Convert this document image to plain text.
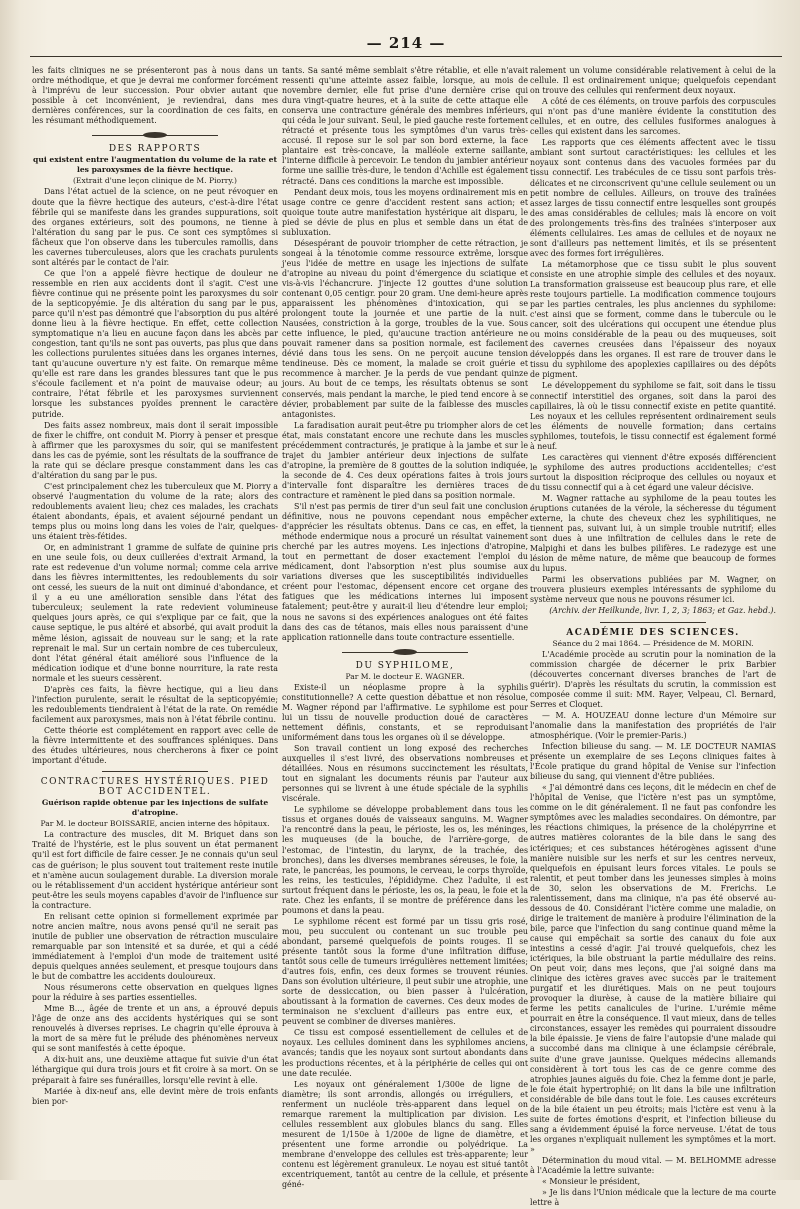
— 214 —

les faits cliniques ne se présenteront pas à nous dans un ordre méthodique, et que je devrai me conformer forcément à l'imprévu de leur succession. Pour obvier autant que possible à cet inconvénient, je reviendrai, dans mes dernières conférences, sur la coordination de ces faits, en les résumant méthodiquement.

DES RAPPORTS

qui existent entre l'augmentation du volume de la rate et les paroxysmes de la fièvre hectique.

(Extrait d'une leçon clinique de M. Piorry.)

Dans l'état actuel de la science, on ne peut révoquer en doute que la fièvre hectique des auteurs, c'est-à-dire l'état fébrile qui se manifeste dans les grandes suppurations, soit des organes extérieurs, soit des poumons, ne tienne à l'altération du sang par le pus. Ce sont ces symptômes si fâcheux que l'on observe dans les tubercules ramollis, dans les cavernes tuberculeuses, alors que les crachats purulents sont altérés par le contact de l'air.

Ce que l'on a appelé fièvre hectique de douleur ne ressemble en rien aux accidents dont il s'agit. C'est une fièvre continue qui ne présente point les paroxysmes du soir de la septicopyémie. Je dis altération du sang par le pus, parce qu'il n'est pas démontré que l'absorption du pus altéré donne lieu à la fièvre hectique. En effet, cette collection symptomatique n'a lieu en aucune façon dans les abcès par congestion, tant qu'ils ne sont pas ouverts, pas plus que dans les collections purulentes situées dans les organes internes, tant qu'aucune ouverture n'y est faite. On remarque même qu'elle est rare dans les grandes blessures tant que le pus s'écoule facilement et n'a point de mauvaise odeur; au contraire, l'état fébrile et les paroxysmes surviennent lorsque les substances pyoïdes prennent le caractère putride.

Des faits assez nombreux, mais dont il serait impossible de fixer le chiffre, ont conduit M. Piorry à penser et presque à affirmer que les paroxysmes du soir, qui se manifestent dans les cas de pyémie, sont les résultats de la souffrance de la rate qui se déclare presque constamment dans les cas d'altération du sang par le pus.

C'est principalement chez les tuberculeux que M. Piorry a observé l'augmentation du volume de la rate; alors des redoublements avaient lieu; chez ces malades, les crachats étaient abondants, épais, et avaient séjourné pendant un temps plus ou moins long dans les voies de l'air, quelques-uns étaient très-fétides.

Or, en administrant 1 gramme de sulfate de quinine pris en une seule fois, ou deux cuillerées d'extrait Armand, la rate est redevenue d'un volume normal; comme cela arrive dans les fièvres intermittentes, les redoublements du soir ont cessé, les sueurs de la nuit ont diminué d'abondance, et il y a eu une amélioration sensible dans l'état des tuberculeux; seulement la rate redevient volumineuse quelques jours après, ce qui s'explique par ce fait, que la cause septique, le pus altéré et absorbé, qui avait produit la même lésion, agissait de nouveau sur le sang; et la rate reprenait le mal. Sur un certain nombre de ces tuberculeux, dont l'état général était amélioré sous l'influence de la médication iodique et d'une bonne nourriture, la rate resta normale et les sueurs cessèrent.

D'après ces faits, la fièvre hectique, qui a lieu dans l'infection purulente, serait le résultat de la septicopyémie; les redoublements tiendraient à l'état de la rate. On remédie facilement aux paroxysmes, mais non à l'état fébrile continu.

Cette théorie est complétement en rapport avec celle de la fièvre intermittente et des souffrances spléniques. Dans des études ultérieures, nous chercherons à fixer ce point important d'étude.

CONTRACTURES HYSTÉRIQUES. PIED BOT ACCIDENTEL.

Guérison rapide obtenue par les injections de sulfate d'atropine.

Par M. le docteur BOISSARIE, ancien interne des hôpitaux.

La contracture des muscles, dit M. Briquet dans son Traité de l'hystérie, est le plus souvent un état permanent qu'il est fort difficile de faire cesser. Je ne connais qu'un seul cas de guérison; le plus souvent tout traitement reste inutile et n'amène aucun soulagement durable. La diversion morale ou le rétablissement d'un accident hystérique antérieur sont peut-être les seuls moyens capables d'avoir de l'influence sur la contracture.

En relisant cette opinion si formellement exprimée par notre ancien maître, nous avons pensé qu'il ne serait pas inutile de publier une observation de rétraction musculaire remarquable par son intensité et sa durée, et qui a cédé immédiatement à l'emploi d'un mode de traitement usité depuis quelques années seulement, et presque toujours dans le but de combattre les accidents douloureux.

Nous résumerons cette observation en quelques lignes pour la réduire à ses parties essentielles.

Mme B..., âgée de trente et un ans, a éprouvé depuis l'âge de onze ans des accidents hystériques qui se sont renouvelés à diverses reprises. Le chagrin qu'elle éprouva à la mort de sa mère fut le prélude des phénomènes nerveux qui se sont manifestés à cette époque.

A dix-huit ans, une deuxième attaque fut suivie d'un état léthargique qui dura trois jours et fit croire à sa mort. On se préparait à faire ses funérailles, lorsqu'elle revint à elle.

Mariée à dix-neuf ans, elle devint mère de trois enfants bien por-

tants. Sa santé même semblait s'être rétablie, et elle n'avait ressenti qu'une atteinte assez faible, lorsque, au mois de novembre dernier, elle fut prise d'une dernière crise qui dura vingt-quatre heures, et à la suite de cette attaque elle conserva une contracture générale des membres inférieurs, qui céda le jour suivant. Seul, le pied gauche reste fortement rétracté et présente tous les symptômes d'un varus très-accusé. Il repose sur le sol par son bord externe, la face plantaire est très-concave, la malléole externe saillante, l'interne difficile à percevoir. Le tendon du jambier antérieur forme une saillie très-dure, le tendon d'Achille est également rétracté. Dans ces conditions la marche est impossible.

Pendant deux mois, tous les moyens ordinairement mis en usage contre ce genre d'accident restent sans action; et quoique toute autre manifestation hystérique ait disparu, le pied se dévie de plus en plus et semble dans un état de subluxation.

Désespérant de pouvoir triompher de cette rétraction, je songeai à la ténotomie comme ressource extrême, lorsque j'eus l'idée de mettre en usage les injections de sulfate d'atropine au niveau du point d'émergence du sciatique et vis-à-vis l'échancrure. J'injecte 12 gouttes d'une solution contenant 0,05 centigr. pour 20 gram. Une demi-heure après apparaissent les phénomènes d'intoxication, qui se prolongent toute la journée et une partie de la nuit. Nausées, constriction à la gorge, troubles de la vue. Sous cette influence, le pied, qu'aucune traction antérieure ne pouvait ramener dans sa position normale, est facilement dévié dans tous les sens. On ne perçoit aucune tension tendineuse. Dès ce moment, la malade se croit guérie et recommence à marcher. Je la perds de vue pendant quinze jours. Au bout de ce temps, les résultats obtenus se sont conservés, mais pendant la marche, le pied tend encore à se dévier, probablement par suite de la faiblesse des muscles antagonistes.

La faradisation aurait peut-être pu triompher alors de cet état, mais constatant encore une rechute dans les muscles précédemment contracturés, je pratique à la jambe et sur le trajet du jambier antérieur deux injections de sulfate d'atropine, la première de 8 gouttes de la solution indiquée, la seconde de 4. Ces deux opérations faites à trois jours d'intervalle font disparaître les dernières traces de contracture et ramènent le pied dans sa position normale.

S'il n'est pas permis de tirer d'un seul fait une conclusion définitive, nous ne pouvons cependant nous empêcher d'apprécier les résultats obtenus. Dans ce cas, en effet, la méthode endermique nous a procuré un résultat vainement cherché par les autres moyens. Les injections d'atropine, tout en permettant de doser exactement l'emploi du médicament, dont l'absorption n'est plus soumise aux variations diverses que les susceptibilités individuelles créent pour l'estomac, dépensent encore cet organe des fatigues que les médications internes lui imposent fatalement; peut-être y aurait-il lieu d'étendre leur emploi; nous ne savons si des expériences analogues ont été faites dans des cas de tétanos, mais elles nous paraissent d'une application rationnelle dans toute contracture essentielle.

DU SYPHILOME,

Par M. le docteur E. WAGNER.

Existe-il un néoplasme propre à la syphilis constitutionnelle? A cette question débattue et non résolue, M. Wagner répond par l'affirmative. Le syphilome est pour lui un tissu de nouvelle production doué de caractères nettement définis, constants, et se reproduisant uniformément dans tous les organes où il se développe.

Son travail contient un long exposé des recherches auxquelles il s'est livré, des observations nombreuses et détaillées. Nous en résumons succinctement les résultats, tout en signalant les documents réunis par l'auteur aux personnes qui se livrent à une étude spéciale de la syphilis viscérale.

Le syphilome se développe probablement dans tous les tissus et organes doués de vaisseaux sanguins. M. Wagner l'a rencontré dans la peau, le périoste, les os, les méninges, les muqueuses (de la bouche, de l'arrière-gorge, de l'estomac, de l'intestin, du larynx, de la trachée, des bronches), dans les diverses membranes séreuses, le foie, la rate, le pancréas, les poumons, le cerveau, le corps thyroïde, les reins, les testicules, l'épididyme. Chez l'adulte, il est surtout fréquent dans le périoste, les os, la peau, le foie et la rate. Chez les enfants, il se montre de préférence dans les poumons et dans la peau.

Le syphilome récent est formé par un tissu gris rosé, mou, peu succulent ou contenant un suc trouble peu abondant, parsemé quelquefois de points rouges. Il se présente tantôt sous la forme d'une infiltration diffuse, tantôt sous celle de tumeurs irrégulières nettement limitées; d'autres fois, enfin, ces deux formes se trouvent réunies. Dans son évolution ultérieure, il peut subir une atrophie, une sorte de dessiccation, ou bien passer à l'ulcération, aboutissant à la formation de cavernes. Ces deux modes de terminaison ne s'excluent d'ailleurs pas entre eux, et peuvent se combiner de diverses manières.

Ce tissu est composé essentiellement de cellules et de noyaux. Les cellules dominent dans les syphilomes anciens, avancés; tandis que les noyaux sont surtout abondants dans les productions récentes, et à la périphérie de celles qui ont une date reculée.

Les noyaux ont généralement 1/300e de ligne de diamètre; ils sont arrondis, allongés ou irréguliers, et renferment un nucléole très-apparent dans lequel on remarque rarement la multiplication par division. Les cellules ressemblent aux globules blancs du sang. Elles mesurent de 1/150e à 1/200e de ligne de diamètre, et présentent une forme arrondie ou polyédrique. La membrane d'enveloppe des cellules est très-apparente; leur contenu est légèrement granuleux. Le noyau est situé tantôt excentriquement, tantôt au centre de la cellule, et présente géné-

ralement un volume considérable relativement à celui de la cellule. Il est ordinairement unique; quelquefois cependant on trouve des cellules qui renferment deux noyaux.

A côté de ces éléments, on trouve parfois des corpuscules qui n'ont pas d'une manière évidente la constitution des cellules, et en outre, des cellules fusiformes analogues à celles qui existent dans les sarcomes.

Les rapports que ces éléments affectent avec le tissu ambiant sont surtout caractéristiques: les cellules et les noyaux sont contenus dans des vacuoles formées par du tissu connectif. Les trabécules de ce tissu sont parfois très-délicates et ne circonscrivent qu'une cellule seulement ou un petit nombre de cellules. Ailleurs, on trouve des traînées assez larges de tissu connectif entre lesquelles sont groupés des amas considérables de cellules; mais là encore on voit des prolongements très-fins des traînées s'interposer aux éléments cellulaires. Les amas de cellules et de noyaux ne sont d'ailleurs pas nettement limités, et ils se présentent avec des formes fort irrégulières.

La métamorphose que ce tissu subit le plus souvent consiste en une atrophie simple des cellules et des noyaux. La transformation graisseuse est beaucoup plus rare, et elle reste toujours partielle. La modification commence toujours par les parties centrales, les plus anciennes du syphilome: c'est ainsi que se forment, comme dans le tubercule ou le cancer, soit des ulcérations qui occupent une étendue plus ou moins considérable de la peau ou des muqueuses, soit des cavernes creusées dans l'épaisseur des noyaux développés dans les organes. Il est rare de trouver dans le tissu du syphilome des apoplexies capillaires ou des dépôts de pigment.

Le développement du syphilome se fait, soit dans le tissu connectif interstitiel des organes, soit dans la paroi des capillaires, là où le tissu connectif existe en petite quantité. Les noyaux et les cellules représentent ordinairement seuls les éléments de nouvelle formation; dans certains syphilomes, toutefois, le tissu connectif est également formé à neuf.

Les caractères qui viennent d'être exposés différencient le syphilome des autres productions accidentelles; c'est surtout la disposition réciproque des cellules ou noyaux et du tissu connectif qui a à cet égard une valeur décisive.

M. Wagner rattache au syphilome de la peau toutes les éruptions cutanées de la vérole, la sécheresse du tégument externe, la chute des cheveux chez les syphilitiques, ne tiennent pas, suivant lui, à un simple trouble nutritif; elles sont dues à une infiltration de cellules dans le rete de Malpighi et dans les bulbes pilifères. Le radezyge est une lésion de même nature, de même que beaucoup de formes du lupus.

Parmi les observations publiées par M. Wagner, on trouvera plusieurs exemples intéressants de syphilome du système nerveux que nous ne pouvons résumer ici.

(Archiv. der Heilkunde, livr. 1, 2, 3; 1863; et Gaz. hebd.).

ACADÉMIE DES SCIENCES.

Séance du 2 mai 1864. — Présidence de M. MORIN.

L'Académie procède au scrutin pour la nomination de la commission chargée de décerner le prix Barbier (découvertes concernant diverses branches de l'art de guérir). D'après les résultats du scrutin, la commission est composée comme il suit: MM. Rayer, Velpeau, Cl. Bernard, Serres et Cloquet.

— M. A. HOUZEAU donne lecture d'un Mémoire sur l'anomalie dans la manifestation des propriétés de l'air atmosphérique. (Voir le premier-Paris.)

Infection bilieuse du sang. — M. LE DOCTEUR NAMIAS présente un exemplaire de ses Leçons cliniques faites à l'École pratique du grand hôpital de Venise sur l'infection bilieuse du sang, qui viennent d'être publiées.

« J'ai démontré dans ces leçons, dit le médecin en chef de l'hôpital de Venise, que l'ictère n'est pas un symptôme, comme on le dit généralement. Il ne faut pas confondre les symptômes avec les maladies secondaires. On démontre, par les réactions chimiques, la présence de la cholépyrrine et autres matières colorantes de la bile dans le sang des ictériques; et ces substances hétérogènes agissent d'une manière nuisible sur les nerfs et sur les centres nerveux, quelquefois en épuisant leurs forces vitales. Le pouls se ralentit, et peut tomber dans les jeunesses simples à moins de 30, selon les observations de M. Frerichs. Le ralentissement, dans ma clinique, n'a pas été observé au-dessous de 40. Considérant l'ictère comme une maladie, on dirige le traitement de manière à produire l'élimination de la bile, parce que l'infection du sang continue quand même la cause qui empêchait sa sortie des canaux du foie aux intestins a cessé d'agir. J'ai trouvé quelquefois, chez les ictériques, la bile obstruant la partie médullaire des reins. On peut voir, dans mes leçons, que j'ai soigné dans ma clinique des ictères graves avec succès par le traitement purgatif et les diurétiques. Mais on ne peut toujours provoquer la diurèse, à cause de la matière biliaire qui ferme les petits canalicules de l'urine. L'urémie même pourrait en être la conséquence. Il vaut mieux, dans de telles circonstances, essayer les remèdes qui pourraient dissoudre la bile épaissie. Je viens de faire l'autopsie d'une malade qui a succombé dans ma clinique à une éclampsie cérébrale, suite d'une grave jaunisse. Quelques médecins allemands considèrent à tort tous les cas de ce genre comme des atrophies jaunes aiguës du foie. Chez la femme dont je parle, le foie était hypertrophié; on lit dans la bile une infiltration considérable de bile dans tout le foie. Les causes excréteurs de la bile étaient un peu étroits; mais l'ictère est venu à la suite de fortes émotions d'esprit, et l'infection bilieuse du sang a évidemment épuisé la force nerveuse. L'état de tous les organes n'expliquait nullement les symptômes et la mort. »

Détermination du moud vital. — M. BELHOMME adresse à l'Académie la lettre suivante:

« Monsieur le président,

» Je lis dans l'Union médicale que la lecture de ma courte lettre à
